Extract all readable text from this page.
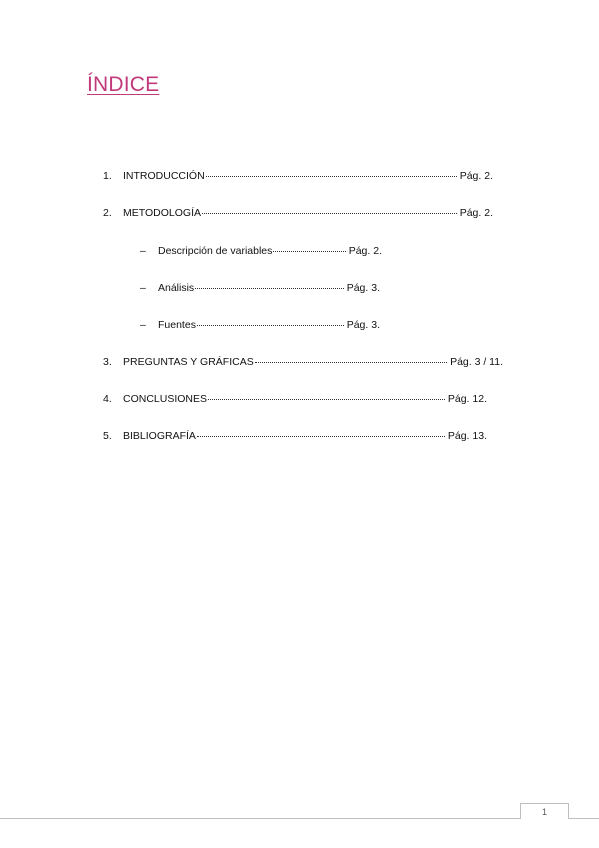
ÍNDICE
1.	INTRODUCCIÓN	Pág. 2.
2.	METODOLOGÍA	Pág. 2.
–	Descripción de variables	Pág. 2.
–	Análisis	Pág. 3.
–	Fuentes	Pág. 3.
3.	PREGUNTAS Y GRÁFICAS	Pág. 3 / 11.
4.	CONCLUSIONES	Pág. 12.
5.	BIBLIOGRAFÍA	Pág. 13.
1
